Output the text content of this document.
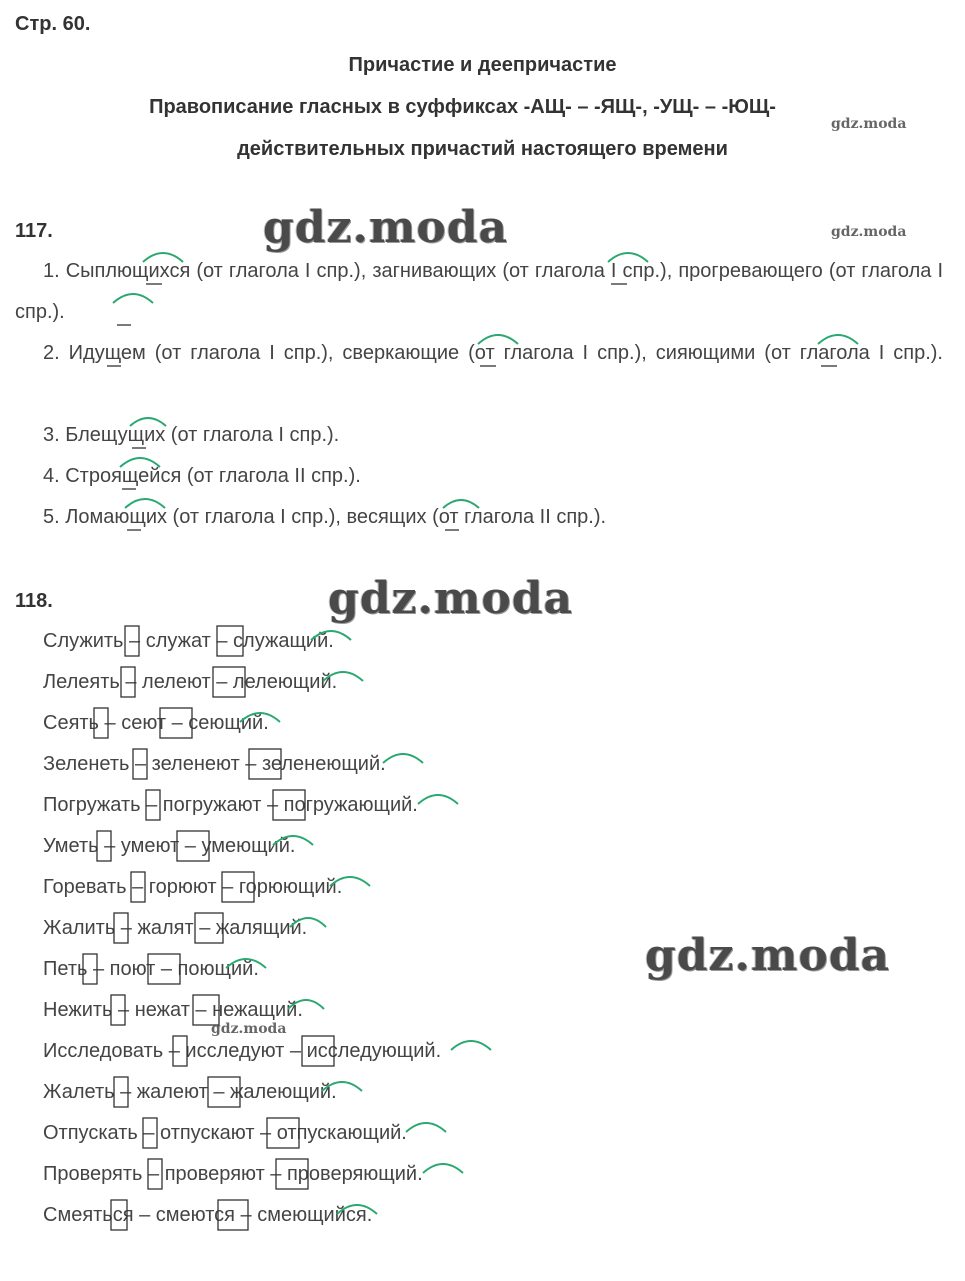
Стр. 60.
Причастие и деепричастие
Правописание гласных в суффиксах -АЩ- – -ЯЩ-, -УЩ- – -ЮЩ-
действительных причастий настоящего времени
117.
1. Сыплющихся (от глагола I спр.), загнивающих (от глагола I спр.), прогревающего (от глагола I спр.).
2. Идущем (от глагола I спр.), сверкающие (от глагола I спр.), сияющими (от глагола I спр.).
3. Блещущих (от глагола I спр.).
4. Строящейся (от глагола II спр.).
5. Ломающих (от глагола I спр.), весящих (от глагола II спр.).
118.
Служить – служат – служащий.
Лелеять – лелеют – лелеющий.
Сеять – сеют – сеющий.
Зеленеть – зеленеют – зеленеющий.
Погружать – погружают – погружающий.
Уметь – умеют – умеющий.
Горевать – горюют – горюющий.
Жалить – жалят – жалящий.
Петь – поют – поющий.
Нежить – нежат – нежащий.
Исследовать – исследуют – исследующий.
Жалеть – жалеют – жалеющий.
Отпускать – отпускают – отпускающий.
Проверять – проверяют – проверяющий.
Смеяться – смеются – смеющийся.
gdz.moda
gdz.moda
gdz.moda
gdz.moda
gdz.moda
gdz.moda
